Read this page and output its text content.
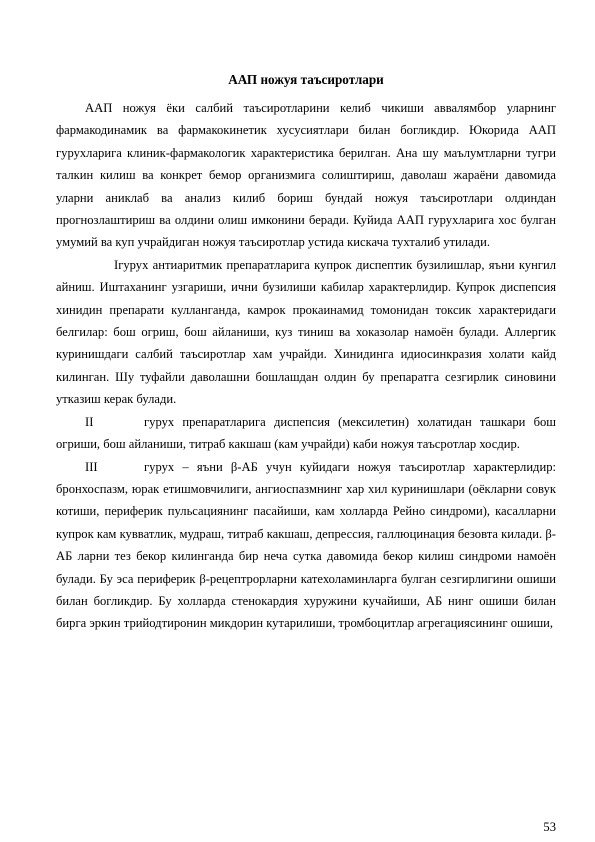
ААП ножуя таъсиротлари

ААП ножуя ёки салбий таъсиротларини келиб чикиши аввалямбор уларнинг фармакодинамик ва фармакокинетик хусусиятлари билан богликдир. Юкорида ААП гурухларига клиник-фармакологик характеристика берилган. Ана шу маълумтларни тугри талкин килиш ва конкрет бемор организмига солиштириш, даволаш жараёни давомида уларни аниклаб ва анализ килиб бориш бундай ножуя таъсиротлари олдиндан прогнозлаштириш ва олдини олиш имконини беради. Куйида ААП гурухларига хос булган умумий ва куп учрайдиган ножуя таъсиротлар устида кискача тухталиб утилади.

Iгурух антиаритмик препаратларига купрок диспептик бузилишлар, яъни кунгил айниш. Иштаханинг узгариши, ични бузилиши кабилар характерлидир. Купрок диспепсия хинидин препарати кулланганда, камрок прокаинамид томонидан токсик характеридаги белгилар: бош огриш, бош айланиши, куз тиниш ва хоказолар намоён булади. Аллергик куринишдаги салбий таъсиротлар хам учрайди. Хинидинга идиосинкразия холати кайд килинган. Шу туфайли даволашни бошлашдан олдин бу препаратга сезгирлик синовини утказиш керак булади.

II	гурух препаратларига диспепсия (мексилетин) холатидан ташкари бош огриши, бош айланиши, титраб какшаш (кам учрайди) каби ножуя таъсротлар хосдир.

III	гурух – яъни β-АБ учун куйидаги ножуя таъсиротлар характерлидир: бронхоспазм, юрак етишмовчилиги, ангиоспазмнинг хар хил куринишлари (оёкларни совук котиши, периферик пульсациянинг пасайиши, кам холларда Рейно синдроми), касалларни купрок кам кувватлик, мудраш, титраб какшаш, депрессия, галлюцинация безовта килади. β-АБ ларни тез бекор килинганда бир неча сутка давомида бекор килиш синдроми намоён булади. Бу эса периферик β-рецептрорларни катехоламинларга булган сезгирлигини ошиши билан богликдир. Бу холларда стенокардия хуружини кучайиши, АБ нинг ошиши билан бирга эркин трийодтиронин микдорин кутарилиши, тромбоцитлар агрегациясининг ошиши,

53
